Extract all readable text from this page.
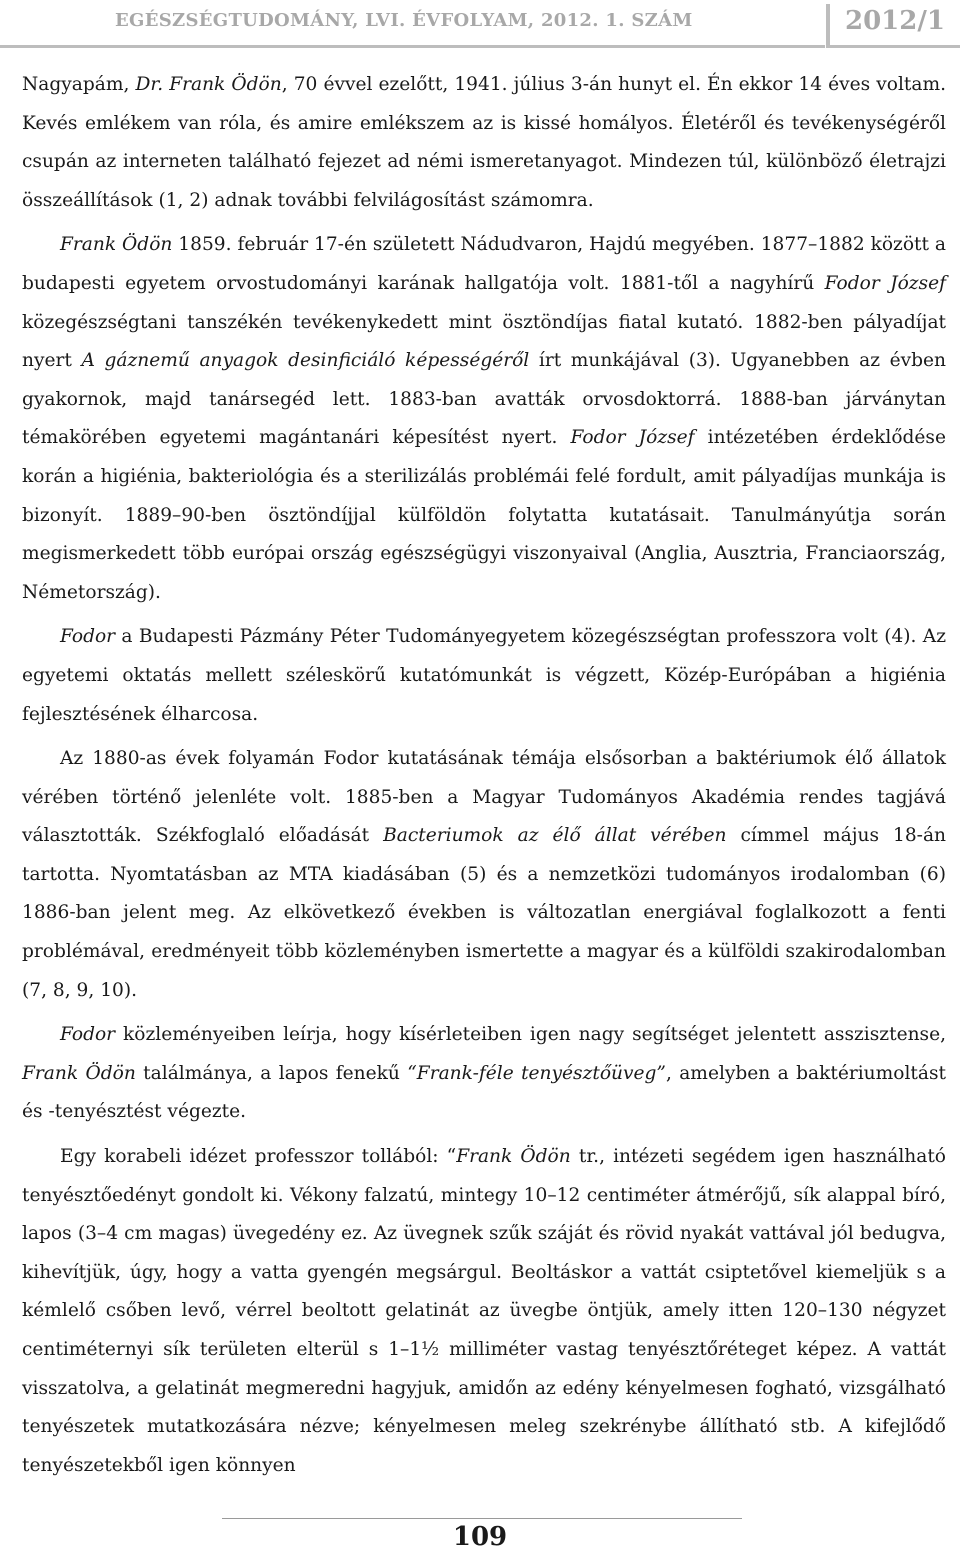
EGÉSZSÉGTUDOMÁNY, LVI. ÉVFOLYAM, 2012. 1. SZÁM	2012/1

Nagyapám, Dr. Frank Ödön, 70 évvel ezelőtt, 1941. július 3-án hunyt el. Én ekkor 14 éves voltam. Kevés emlékem van róla, és amire emlékszem az is kissé homályos. Életéről és tevékenységéről csupán az interneten található fejezet ad némi ismeretanyagot. Mindezen túl, különböző életrajzi összeállítások (1, 2) adnak további felvilágosítást számomra.

Frank Ödön 1859. február 17-én született Nádudvaron, Hajdú megyében. 1877–1882 között a budapesti egyetem orvostudományi karának hallgatója volt. 1881-től a nagyhírű Fodor József közegészségtani tanszékén tevékenykedett mint ösztöndíjas fiatal kutató. 1882-ben pályadíjat nyert A gáznemű anyagok desinficiáló képességéről írt munkájával (3). Ugyanebben az évben gyakornok, majd tanársegéd lett. 1883-ban avatták orvosdoktorrá. 1888-ban járványtan témakörében egyetemi magántanári képesítést nyert. Fodor József intézetében érdeklődése korán a higiénia, bakteriológia és a sterilizálás problémái felé fordult, amit pályadíjas munkája is bizonyít. 1889–90-ben ösztöndíjjal külföldön folytatta kutatásait. Tanulmányútja során megismerkedett több európai ország egészségügyi viszonyaival (Anglia, Ausztria, Franciaország, Németország).

Fodor a Budapesti Pázmány Péter Tudományegyetem közegészségtan professzora volt (4). Az egyetemi oktatás mellett széleskörű kutatómunkát is végzett, Közép-Európában a higiénia fejlesztésének élharcosa.

Az 1880-as évek folyamán Fodor kutatásának témája elsősorban a baktériumok élő állatok vérében történő jelenléte volt. 1885-ben a Magyar Tudományos Akadémia rendes tagjává választották. Székfoglaló előadását Bacteriumok az élő állat vérében címmel május 18-án tartotta. Nyomtatásban az MTA kiadásában (5) és a nemzetközi tudományos irodalomban (6) 1886-ban jelent meg. Az elkövetkező években is változatlan energiával foglalkozott a fenti problémával, eredményeit több közleményben ismertette a magyar és a külföldi szakirodalomban (7, 8, 9, 10).

Fodor közleményeiben leírja, hogy kísérleteiben igen nagy segítséget jelentett asszisztense, Frank Ödön találmánya, a lapos fenekű “Frank-féle tenyésztőüveg”, amelyben a baktériumoltást és -tenyésztést végezte.

Egy korabeli idézet professzor tollából: “Frank Ödön tr., intézeti segédem igen használható tenyésztőedényt gondolt ki. Vékony falzatú, mintegy 10–12 centiméter átmérőjű, sík alappal bíró, lapos (3–4 cm magas) üvegedény ez. Az üvegnek szűk száját és rövid nyakát vattával jól bedugva, kihevítjük, úgy, hogy a vatta gyengén megsárgul. Beoltáskor a vattát csiptetővel kiemeljük s a kémlelő csőben levő, vérrel beoltott gelatinát az üvegbe öntjük, amely itten 120–130 négyzet centiméternyi sík területen elterül s 1–1½ milliméter vastag tenyésztőréteget képez. A vattát visszatolva, a gelatinát megmeredni hagyjuk, amidőn az edény kényelmesen fogható, vizsgálható tenyészetek mutatkozására nézve; kényelmesen meleg szekrénybe állítható stb. A kifejlődő tenyészetekből igen könnyen

109
